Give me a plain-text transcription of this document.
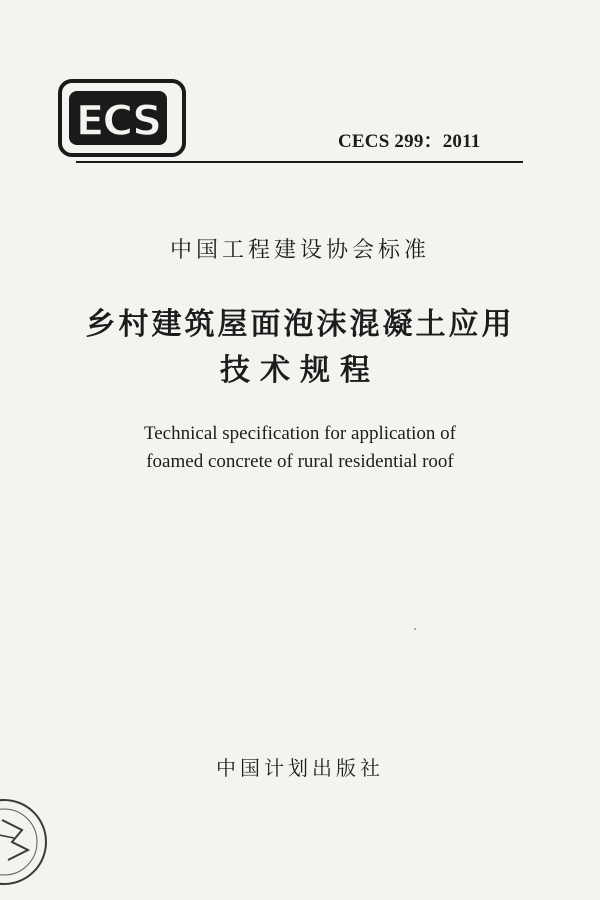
ECS	CECS 299：2011
中国工程建设协会标准
乡村建筑屋面泡沫混凝土应用
技术规程
Technical specification for application of
foamed concrete of rural residential roof
中国计划出版社
